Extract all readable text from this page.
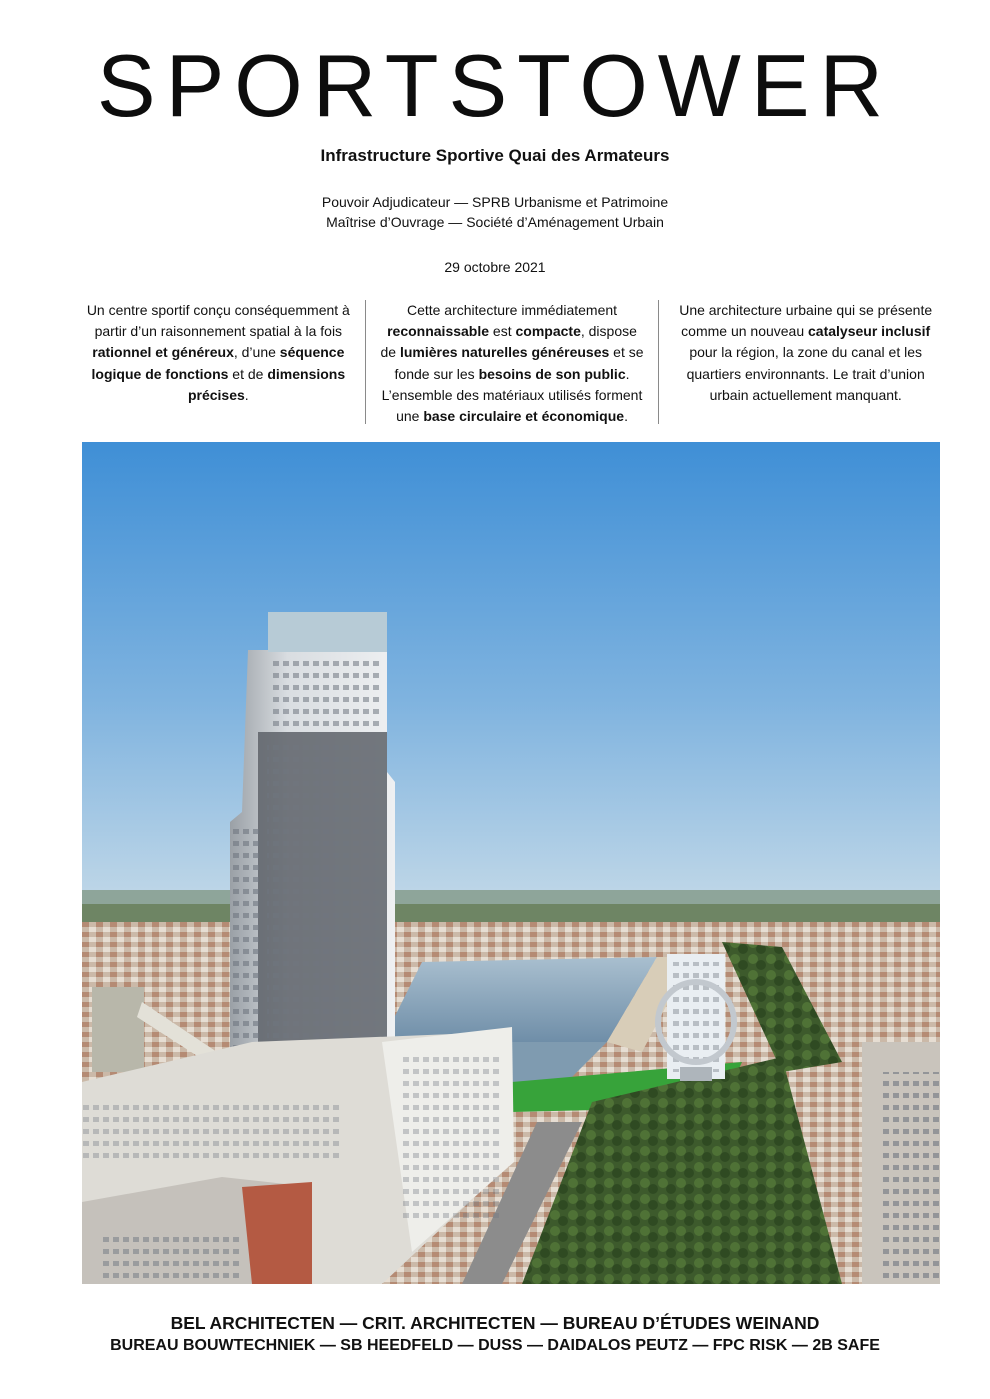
SPORTSTOWER
Infrastructure Sportive Quai des Armateurs
Pouvoir Adjudicateur — SPRB Urbanisme et Patrimoine
Maîtrise d’Ouvrage — Société d’Aménagement Urbain
29 octobre 2021
Un centre sportif conçu conséquemment à partir d’un raisonnement spatial à la fois rationnel et généreux, d’une séquence logique de fonctions et de dimensions précises.
Cette architecture immédiatement reconnaissable est compacte, dispose de lumières naturelles généreuses et se fonde sur les besoins de son public. L’ensemble des matériaux utilisés forment une base circulaire et économique.
Une architecture urbaine qui se présente comme un nouveau catalyseur inclusif pour la région, la zone du canal et les quartiers environnants. Le trait d’union urbain actuellement manquant.
BEL ARCHITECTEN — CRIT. ARCHITECTEN — BUREAU D’ÉTUDES WEINAND
BUREAU BOUWTECHNIEK — SB HEEDFELD — DUSS — DAIDALOS PEUTZ — FPC RISK — 2B SAFE
